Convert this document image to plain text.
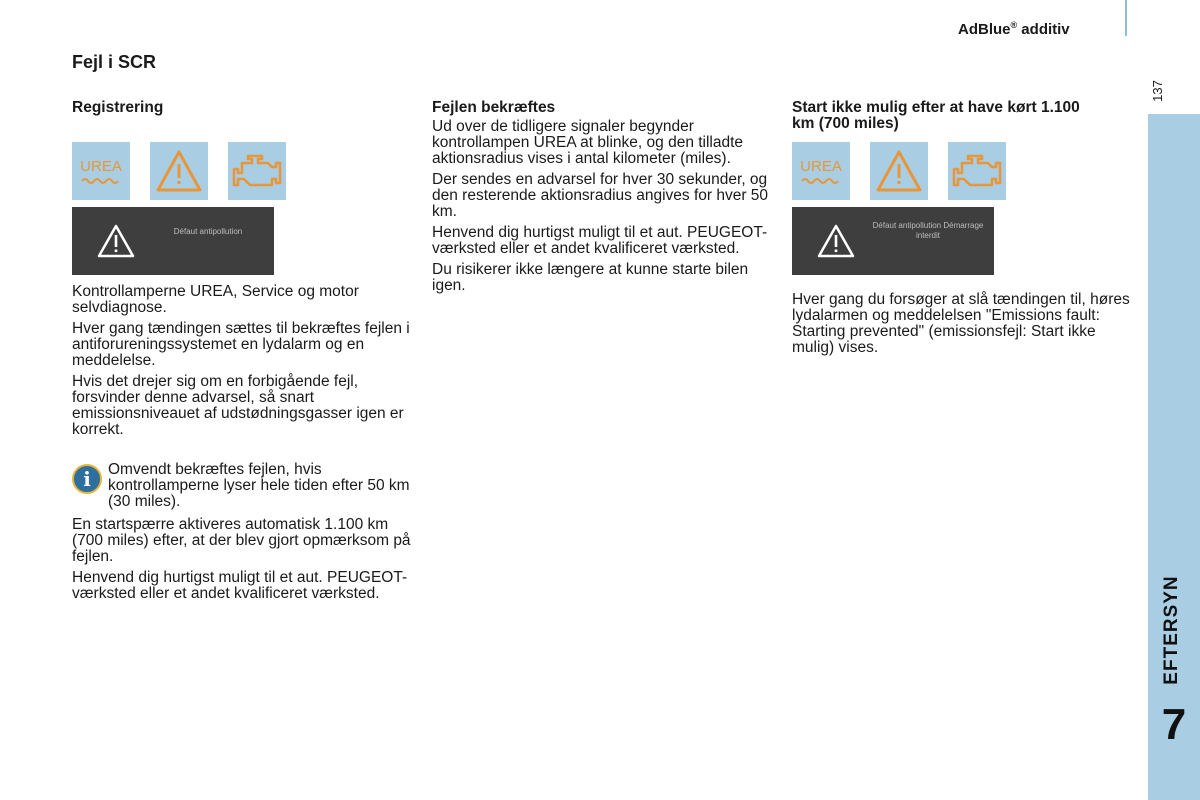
AdBlue® additiv
137
EFTERSYN
7
Fejl i SCR
Registrering
UREA
Défaut antipollution

Kontrollamperne UREA, Service og motor selvdiagnose.

Hver gang tændingen sættes til bekræftes fejlen i antiforureningssystemet en lydalarm og en meddelelse.

Hvis det drejer sig om en forbigående fejl, forsvinder denne advarsel, så snart emissionsniveauet af udstødningsgasser igen er korrekt.

i	Omvendt bekræftes fejlen, hvis kontrollamperne lyser hele tiden efter 50 km (30 miles).

En startspærre aktiveres automatisk 1.100 km (700 miles) efter, at der blev gjort opmærksom på fejlen.

Henvend dig hurtigst muligt til et aut. PEUGEOT-værksted eller et andet kvalificeret værksted.

Fejlen bekræftes

Ud over de tidligere signaler begynder kontrollampen UREA at blinke, og den tilladte aktionsradius vises i antal kilometer (miles).

Der sendes en advarsel for hver 30 sekunder, og den resterende aktionsradius angives for hver 50 km.

Henvend dig hurtigst muligt til et aut. PEUGEOT-værksted eller et andet kvalificeret værksted.

Du risikerer ikke længere at kunne starte bilen igen.

Start ikke mulig efter at have kørt 1.100 km (700 miles)
UREA
Défaut antipollution Démarrage interdit

Hver gang du forsøger at slå tændingen til, høres lydalarmen og meddelelsen "Emissions fault: Starting prevented" (emissionsfejl: Start ikke mulig) vises.
